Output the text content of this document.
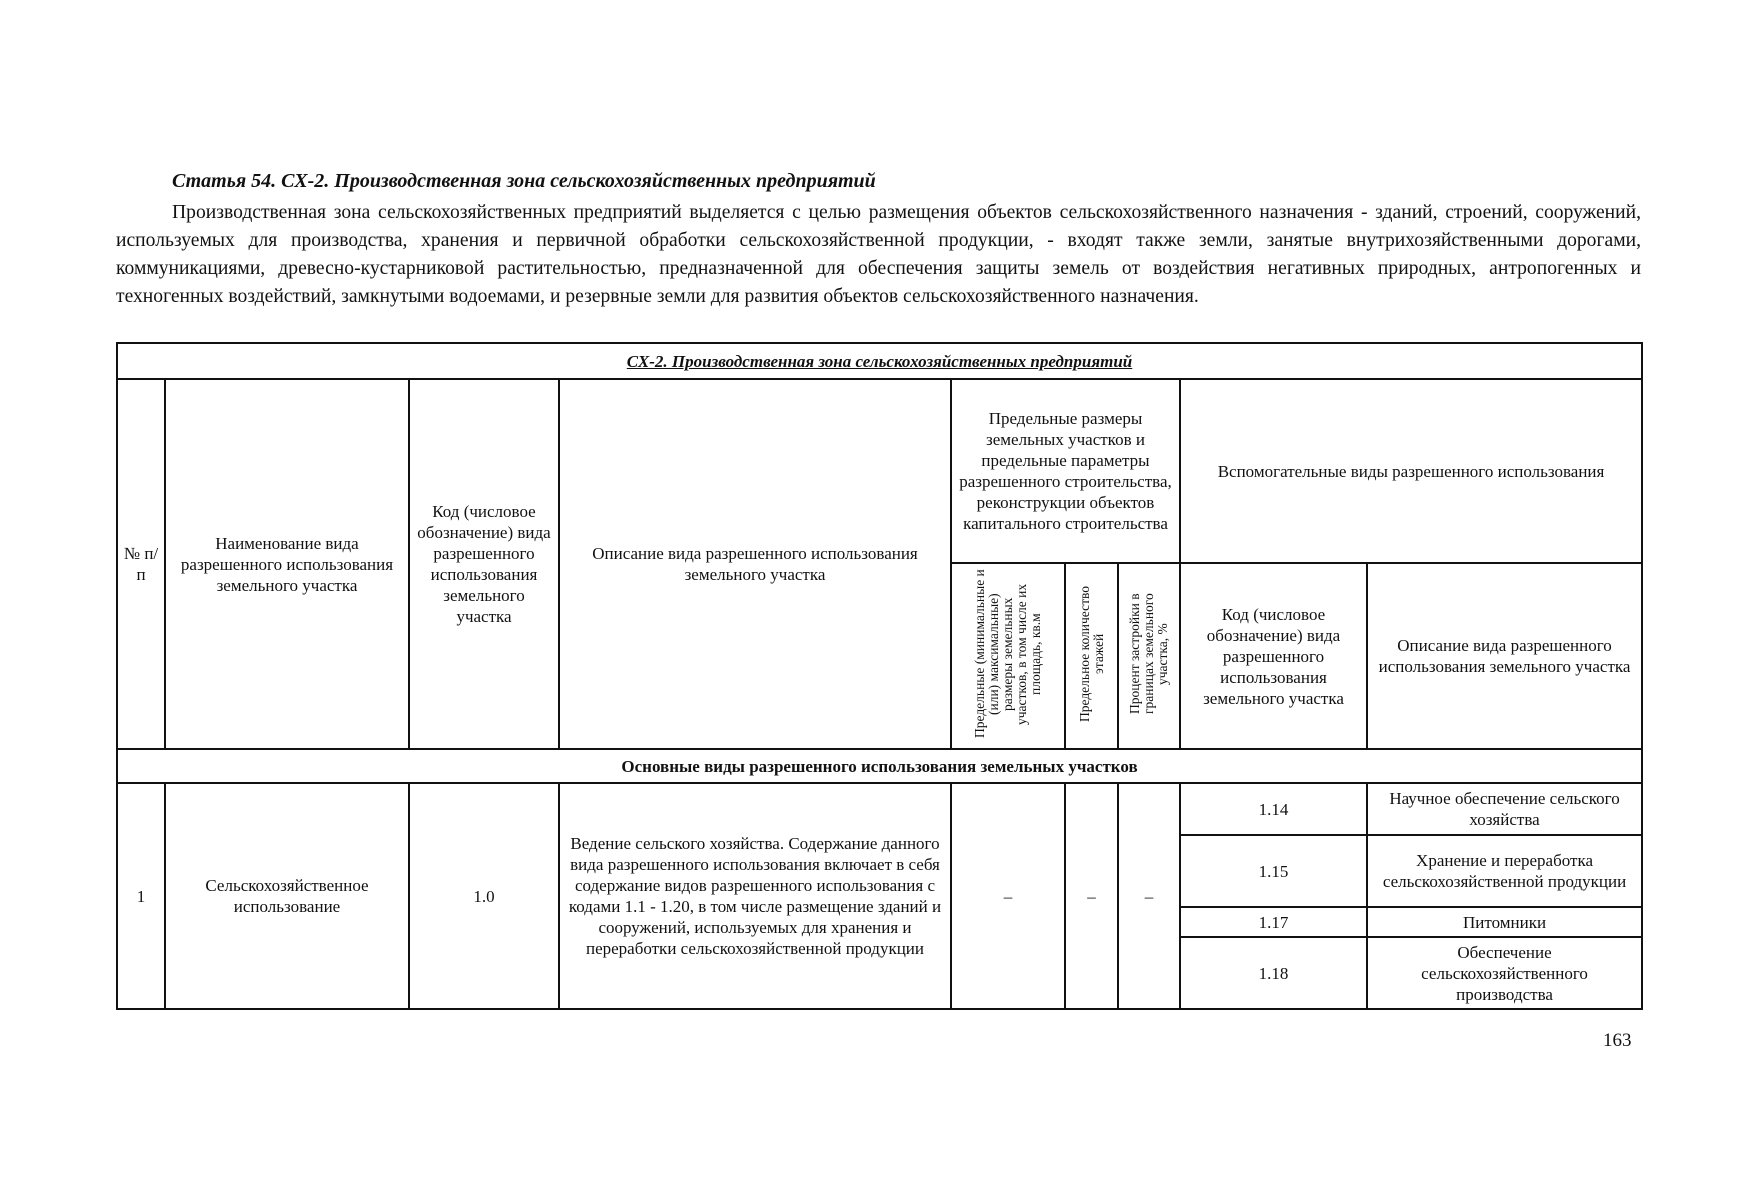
Статья 54. СХ-2. Производственная зона сельскохозяйственных предприятий

Производственная зона сельскохозяйственных предприятий выделяется с целью размещения объектов сельскохозяйственного назначения - зданий, строений, сооружений, используемых для производства, хранения и первичной обработки сельскохозяйственной продукции, - входят также земли, занятые внутрихозяйственными дорогами, коммуникациями, древесно-кустарниковой растительностью, предназначенной для обеспечения защиты земель от воздействия негативных природных, антропогенных и техногенных воздействий, замкнутыми водоемами, и резервные земли для развития объектов сельскохозяйственного назначения.

СХ-2. Производственная зона сельскохозяйственных предприятий								
№ п/п	Наименование вида разрешенного использования земельного участка	Код (числовое обозначение) вида разрешенного использования земельного участка	Описание вида разрешенного использования земельного участка	Предельные размеры земельных участков и предельные параметры разрешенного строительства, реконструкции объектов капитального строительства			Вспомогательные виды разрешенного использования	
				Предельные (минимальные и (или) максимальные) размеры земельных участков, в том числе их площадь, кв.м	Предельное количество этажей	Процент застройки в границах земельного участка, %	Код (числовое обозначение) вида разрешенного использования земельного участка	Описание вида разрешенного использования земельного участка
Основные виды разрешенного использования земельных участков								
1	Сельскохозяйственное использование	1.0	Ведение сельского хозяйства. Содержание данного вида разрешенного использования включает в себя содержание видов разрешенного использования с кодами 1.1 - 1.20, в том числе размещение зданий и сооружений, используемых для хранения и переработки сельскохозяйственной продукции	–	–	–	1.14	Научное обеспечение сельского хозяйства
							1.15	Хранение и переработка сельскохозяйственной продукции
							1.17	Питомники
							1.18	Обеспечение сельскохозяйственного производства
163
